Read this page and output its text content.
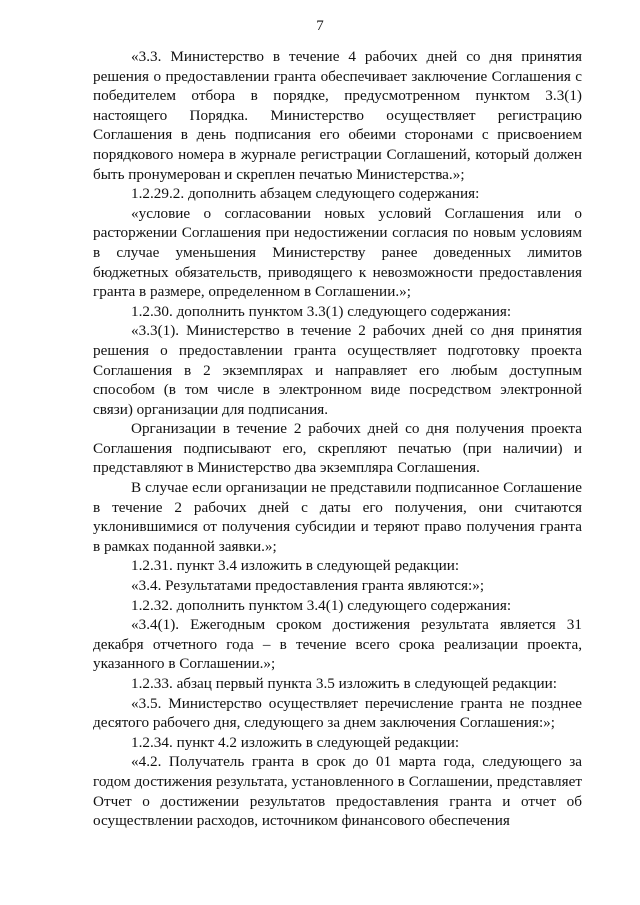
7

«3.3. Министерство в течение 4 рабочих дней со дня принятия решения о предоставлении гранта обеспечивает заключение Соглашения с победителем отбора в порядке, предусмотренном пунктом 3.3(1) настоящего Порядка. Министерство осуществляет регистрацию Соглашения в день подписания его обеими сторонами с присвоением порядкового номера в журнале регистрации Соглашений, который должен быть пронумерован и скреплен печатью Министерства.»;

1.2.29.2. дополнить абзацем следующего содержания:

«условие о согласовании новых условий Соглашения или о расторжении Соглашения при недостижении согласия по новым условиям в случае уменьшения Министерству ранее доведенных лимитов бюджетных обязательств, приводящего к невозможности предоставления гранта в размере, определенном в Соглашении.»;

1.2.30. дополнить пунктом 3.3(1) следующего содержания:

«3.3(1). Министерство в течение 2 рабочих дней со дня принятия решения о предоставлении гранта осуществляет подготовку проекта Соглашения в 2 экземплярах и направляет его любым доступным способом (в том числе в электронном виде посредством электронной связи) организации для подписания.

Организации в течение 2 рабочих дней со дня получения проекта Соглашения подписывают его, скрепляют печатью (при наличии) и представляют в Министерство два экземпляра Соглашения.

В случае если организации не представили подписанное Соглашение в течение 2 рабочих дней с даты его получения, они считаются уклонившимися от получения субсидии и теряют право получения гранта в рамках поданной заявки.»;

1.2.31. пункт 3.4 изложить в следующей редакции:

«3.4. Результатами предоставления гранта являются:»;

1.2.32. дополнить пунктом 3.4(1) следующего содержания:

«3.4(1). Ежегодным сроком достижения результата является 31 декабря отчетного года – в течение всего срока реализации проекта, указанного в Соглашении.»;

1.2.33. абзац первый пункта 3.5 изложить в следующей редакции:

«3.5. Министерство осуществляет перечисление гранта не позднее десятого рабочего дня, следующего за днем заключения Соглашения:»;

1.2.34. пункт 4.2 изложить в следующей редакции:

«4.2. Получатель гранта в срок до 01 марта года, следующего за годом достижения результата, установленного в Соглашении, представляет Отчет о достижении результатов предоставления гранта и отчет об осуществлении расходов, источником финансового обеспечения
